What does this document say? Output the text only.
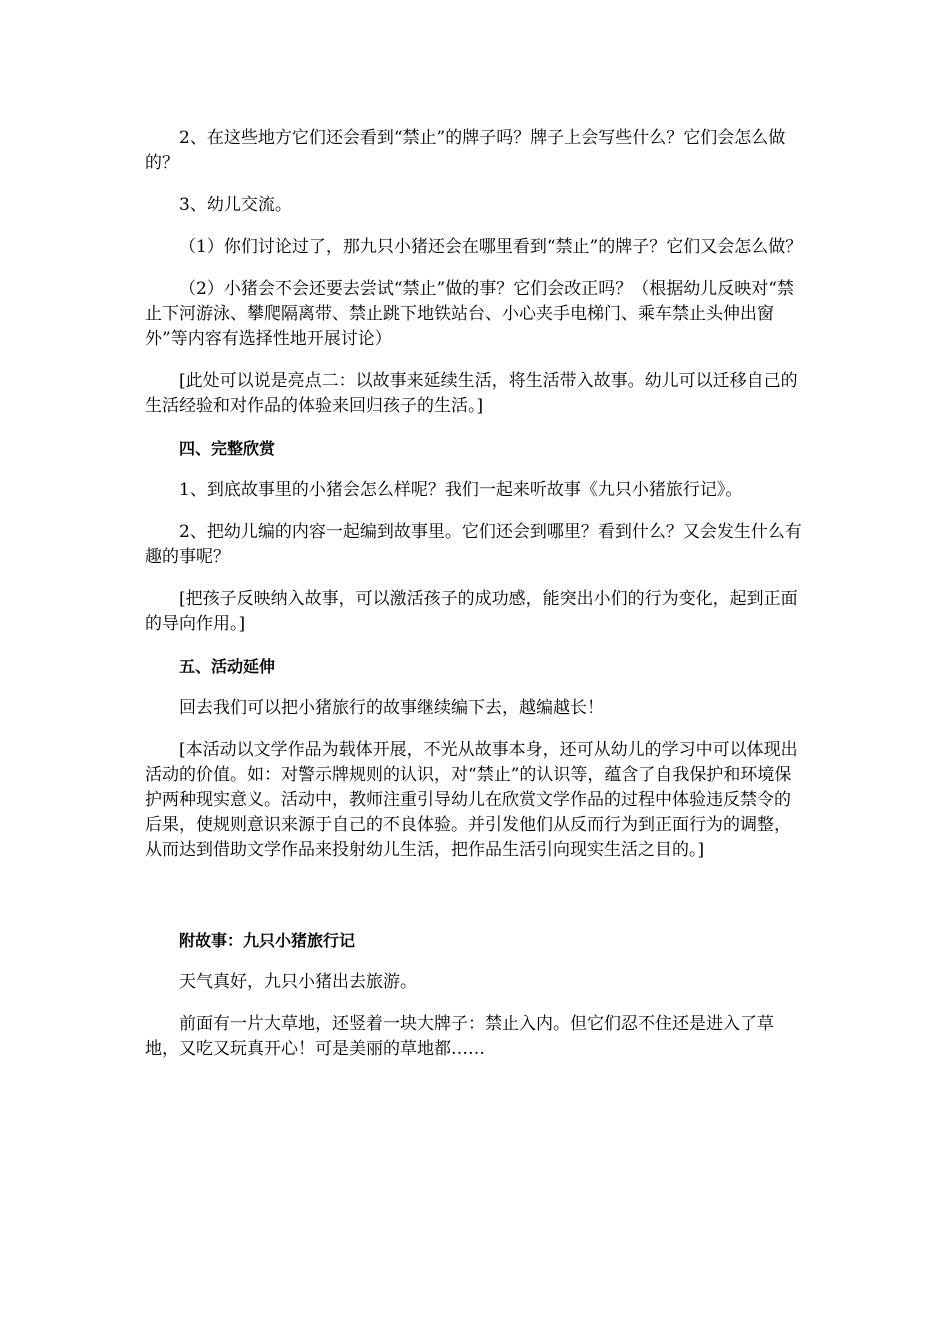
2、在这些地方它们还会看到“禁止”的牌子吗？牌子上会写些什么？它们会怎么做的？

3、幼儿交流。

（1）你们讨论过了，那九只小猪还会在哪里看到“禁止”的牌子？它们又会怎么做？

（2）小猪会不会还要去尝试“禁止”做的事？它们会改正吗？（根据幼儿反映对“禁止下河游泳、攀爬隔离带、禁止跳下地铁站台、小心夹手电梯门、乘车禁止头伸出窗外”等内容有选择性地开展讨论）

[此处可以说是亮点二：以故事来延续生活，将生活带入故事。幼儿可以迁移自己的生活经验和对作品的体验来回归孩子的生活。]

四、完整欣赏

1、到底故事里的小猪会怎么样呢？我们一起来听故事《九只小猪旅行记》。

2、把幼儿编的内容一起编到故事里。它们还会到哪里？看到什么？又会发生什么有趣的事呢？

[把孩子反映纳入故事，可以激活孩子的成功感，能突出小们的行为变化，起到正面的导向作用。]

五、活动延伸

回去我们可以把小猪旅行的故事继续编下去，越编越长！

[本活动以文学作品为载体开展，不光从故事本身，还可从幼儿的学习中可以体现出活动的价值。如：对警示牌规则的认识，对“禁止”的认识等，蕴含了自我保护和环境保护两种现实意义。活动中，教师注重引导幼儿在欣赏文学作品的过程中体验违反禁令的后果，使规则意识来源于自己的不良体验。并引发他们从反而行为到正面行为的调整，从而达到借助文学作品来投射幼儿生活，把作品生活引向现实生活之目的。]

附故事：九只小猪旅行记

天气真好，九只小猪出去旅游。

前面有一片大草地，还竖着一块大牌子：禁止入内。但它们忍不住还是进入了草地，又吃又玩真开心！可是美丽的草地都……
